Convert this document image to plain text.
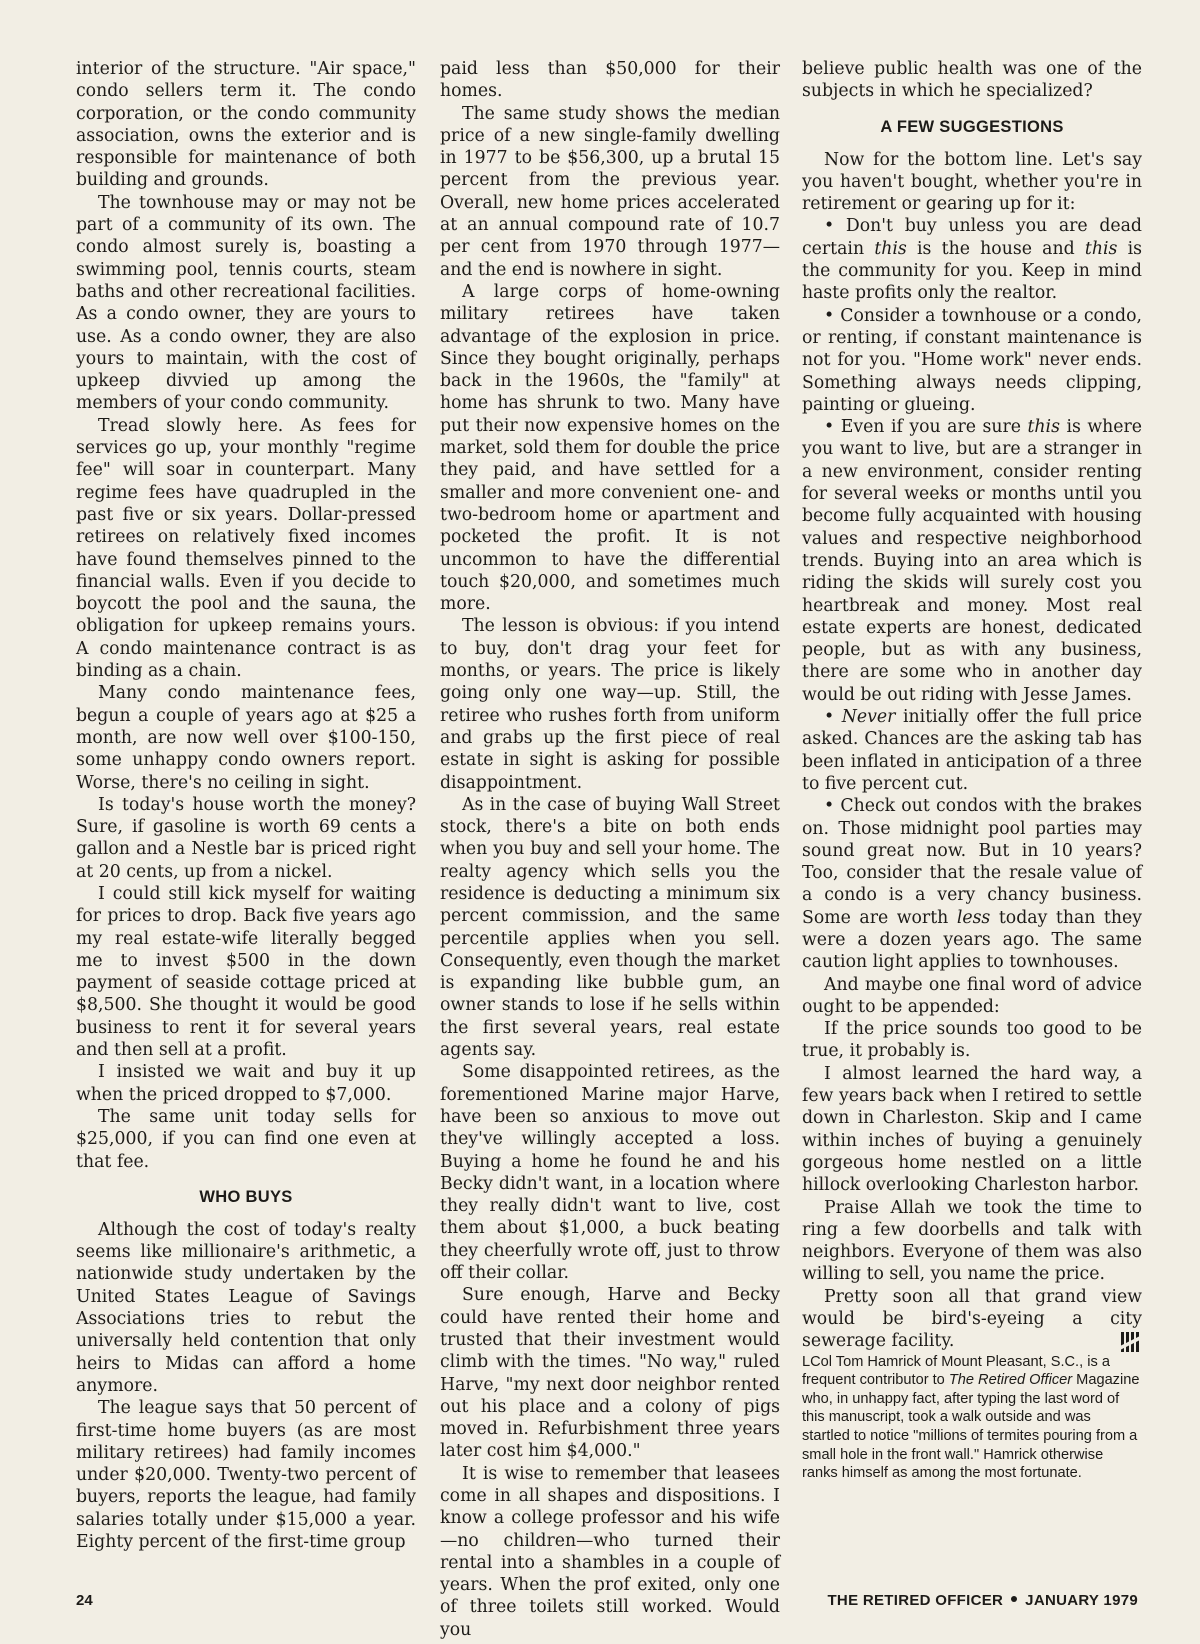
interior of the structure. "Air space," condo sellers term it. The condo corporation, or the condo community association, owns the exterior and is responsible for maintenance of both building and grounds.

The townhouse may or may not be part of a community of its own. The condo almost surely is, boasting a swimming pool, tennis courts, steam baths and other recreational facilities. As a condo owner, they are yours to use. As a condo owner, they are also yours to maintain, with the cost of upkeep divvied up among the members of your condo community.

Tread slowly here. As fees for services go up, your monthly "regime fee" will soar in counterpart. Many regime fees have quadrupled in the past five or six years. Dollar-pressed retirees on relatively fixed incomes have found themselves pinned to the financial walls. Even if you decide to boycott the pool and the sauna, the obligation for upkeep remains yours. A condo maintenance contract is as binding as a chain.

Many condo maintenance fees, begun a couple of years ago at $25 a month, are now well over $100-150, some unhappy condo owners report. Worse, there's no ceiling in sight.

Is today's house worth the money? Sure, if gasoline is worth 69 cents a gallon and a Nestle bar is priced right at 20 cents, up from a nickel.

I could still kick myself for waiting for prices to drop. Back five years ago my real estate-wife literally begged me to invest $500 in the down payment of seaside cottage priced at $8,500. She thought it would be good business to rent it for several years and then sell at a profit.

I insisted we wait and buy it up when the priced dropped to $7,000.

The same unit today sells for $25,000, if you can find one even at that fee.

WHO BUYS

Although the cost of today's realty seems like millionaire's arithmetic, a nationwide study undertaken by the United States League of Savings Associations tries to rebut the universally held contention that only heirs to Midas can afford a home anymore.

The league says that 50 percent of first-time home buyers (as are most military retirees) had family incomes under $20,000. Twenty-two percent of buyers, reports the league, had family salaries totally under $15,000 a year. Eighty percent of the first-time group

paid less than $50,000 for their homes.

The same study shows the median price of a new single-family dwelling in 1977 to be $56,300, up a brutal 15 percent from the previous year. Overall, new home prices accelerated at an annual compound rate of 10.7 per cent from 1970 through 1977—and the end is nowhere in sight.

A large corps of home-owning military retirees have taken advantage of the explosion in price. Since they bought originally, perhaps back in the 1960s, the "family" at home has shrunk to two. Many have put their now expensive homes on the market, sold them for double the price they paid, and have settled for a smaller and more convenient one- and two-bedroom home or apartment and pocketed the profit. It is not uncommon to have the differential touch $20,000, and sometimes much more.

The lesson is obvious: if you intend to buy, don't drag your feet for months, or years. The price is likely going only one way—up. Still, the retiree who rushes forth from uniform and grabs up the first piece of real estate in sight is asking for possible disappointment.

As in the case of buying Wall Street stock, there's a bite on both ends when you buy and sell your home. The realty agency which sells you the residence is deducting a minimum six percent commission, and the same percentile applies when you sell. Consequently, even though the market is expanding like bubble gum, an owner stands to lose if he sells within the first several years, real estate agents say.

Some disappointed retirees, as the forementioned Marine major Harve, have been so anxious to move out they've willingly accepted a loss. Buying a home he found he and his Becky didn't want, in a location where they really didn't want to live, cost them about $1,000, a buck beating they cheerfully wrote off, just to throw off their collar.

Sure enough, Harve and Becky could have rented their home and trusted that their investment would climb with the times. "No way," ruled Harve, "my next door neighbor rented out his place and a colony of pigs moved in. Refurbishment three years later cost him $4,000."

It is wise to remember that leasees come in all shapes and dispositions. I know a college professor and his wife—no children—who turned their rental into a shambles in a couple of years. When the prof exited, only one of three toilets still worked. Would you

believe public health was one of the subjects in which he specialized?

A FEW SUGGESTIONS

Now for the bottom line. Let's say you haven't bought, whether you're in retirement or gearing up for it:

• Don't buy unless you are dead certain this is the house and this is the community for you. Keep in mind haste profits only the realtor.

• Consider a townhouse or a condo, or renting, if constant maintenance is not for you. "Home work" never ends. Something always needs clipping, painting or glueing.

• Even if you are sure this is where you want to live, but are a stranger in a new environment, consider renting for several weeks or months until you become fully acquainted with housing values and respective neighborhood trends. Buying into an area which is riding the skids will surely cost you heartbreak and money. Most real estate experts are honest, dedicated people, but as with any business, there are some who in another day would be out riding with Jesse James.

• Never initially offer the full price asked. Chances are the asking tab has been inflated in anticipation of a three to five percent cut.

• Check out condos with the brakes on. Those midnight pool parties may sound great now. But in 10 years? Too, consider that the resale value of a condo is a very chancy business. Some are worth less today than they were a dozen years ago. The same caution light applies to townhouses.

And maybe one final word of advice ought to be appended:

If the price sounds too good to be true, it probably is.

I almost learned the hard way, a few years back when I retired to settle down in Charleston. Skip and I came within inches of buying a genuinely gorgeous home nestled on a little hillock overlooking Charleston harbor.

Praise Allah we took the time to ring a few doorbells and talk with neighbors. Everyone of them was also willing to sell, you name the price.

Pretty soon all that grand view would be bird's-eyeing a city sewerage facility.

LCol Tom Hamrick of Mount Pleasant, S.C., is a frequent contributor to The Retired Officer Magazine who, in unhappy fact, after typing the last word of this manuscript, took a walk outside and was startled to notice "millions of termites pouring from a small hole in the front wall." Hamrick otherwise ranks himself as among the most fortunate.

24	THE RETIRED OFFICER JANUARY 1979
